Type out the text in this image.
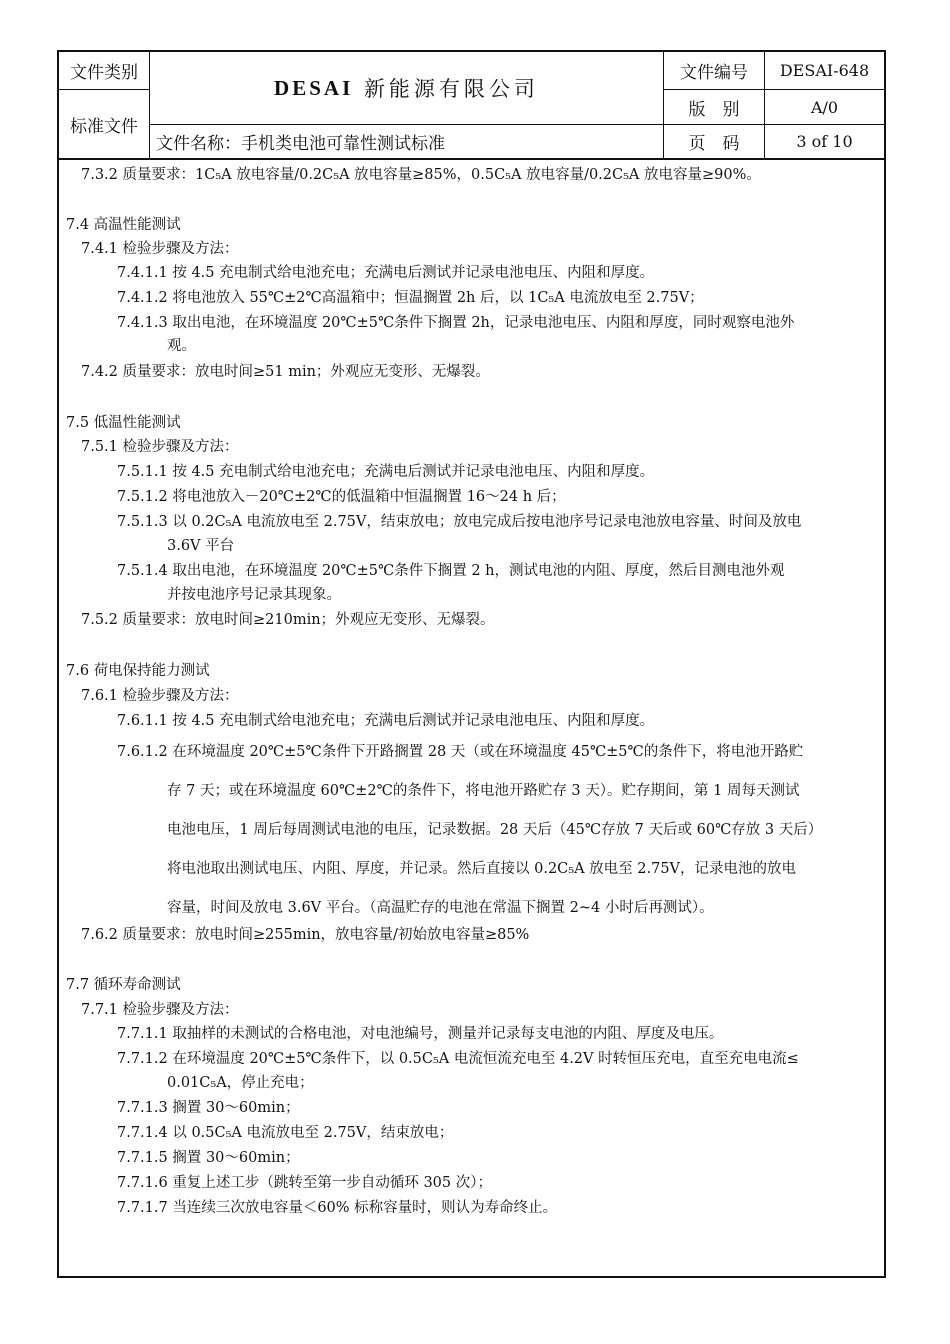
文件类别
标准文件
DESAI
新能源有限公司
文件名称：手机类电池可靠性测试标准
文件编号	DESAI-648
版　别	A/0
页　码	3 of 10
7.3.2 质量要求：1C₅A 放电容量/0.2C₅A 放电容量≥85%，0.5C₅A 放电容量/0.2C₅A 放电容量≥90%。
7.4 高温性能测试
7.4.1 检验步骤及方法：
7.4.1.1 按 4.5 充电制式给电池充电；充满电后测试并记录电池电压、内阻和厚度。
7.4.1.2 将电池放入 55℃±2℃高温箱中；恒温搁置 2h 后，以 1C₅A 电流放电至 2.75V；
7.4.1.3 取出电池，在环境温度 20℃±5℃条件下搁置 2h，记录电池电压、内阻和厚度，同时观察电池外
观。
7.4.2 质量要求：放电时间≥51 min；外观应无变形、无爆裂。
7.5 低温性能测试
7.5.1 检验步骤及方法：
7.5.1.1 按 4.5 充电制式给电池充电；充满电后测试并记录电池电压、内阻和厚度。
7.5.1.2 将电池放入－20℃±2℃的低温箱中恒温搁置 16～24 h 后；
7.5.1.3 以 0.2C₅A 电流放电至 2.75V，结束放电；放电完成后按电池序号记录电池放电容量、时间及放电
3.6V 平台
7.5.1.4 取出电池，在环境温度 20℃±5℃条件下搁置 2 h，测试电池的内阻、厚度，然后目测电池外观
并按电池序号记录其现象。
7.5.2 质量要求：放电时间≥210min；外观应无变形、无爆裂。
7.6 荷电保持能力测试
7.6.1 检验步骤及方法：
7.6.1.1 按 4.5 充电制式给电池充电；充满电后测试并记录电池电压、内阻和厚度。
7.6.1.2 在环境温度 20℃±5℃条件下开路搁置 28 天（或在环境温度 45℃±5℃的条件下，将电池开路贮
存 7 天；或在环境温度 60℃±2℃的条件下，将电池开路贮存 3 天）。贮存期间，第 1 周每天测试
电池电压，1 周后每周测试电池的电压，记录数据。28 天后（45℃存放 7 天后或 60℃存放 3 天后）
将电池取出测试电压、内阻、厚度，并记录。然后直接以 0.2C₅A 放电至 2.75V，记录电池的放电
容量，时间及放电 3.6V 平台。（高温贮存的电池在常温下搁置 2~4 小时后再测试）。
7.6.2 质量要求：放电时间≥255min，放电容量/初始放电容量≥85%
7.7 循环寿命测试
7.7.1 检验步骤及方法：
7.7.1.1 取抽样的未测试的合格电池，对电池编号，测量并记录每支电池的内阻、厚度及电压。
7.7.1.2 在环境温度 20℃±5℃条件下，以 0.5C₅A 电流恒流充电至 4.2V 时转恒压充电，直至充电电流≤
0.01C₅A，停止充电；
7.7.1.3 搁置 30～60min；
7.7.1.4 以 0.5C₅A 电流放电至 2.75V，结束放电；
7.7.1.5 搁置 30～60min；
7.7.1.6 重复上述工步（跳转至第一步自动循环 305 次）；
7.7.1.7 当连续三次放电容量＜60% 标称容量时，则认为寿命终止。
